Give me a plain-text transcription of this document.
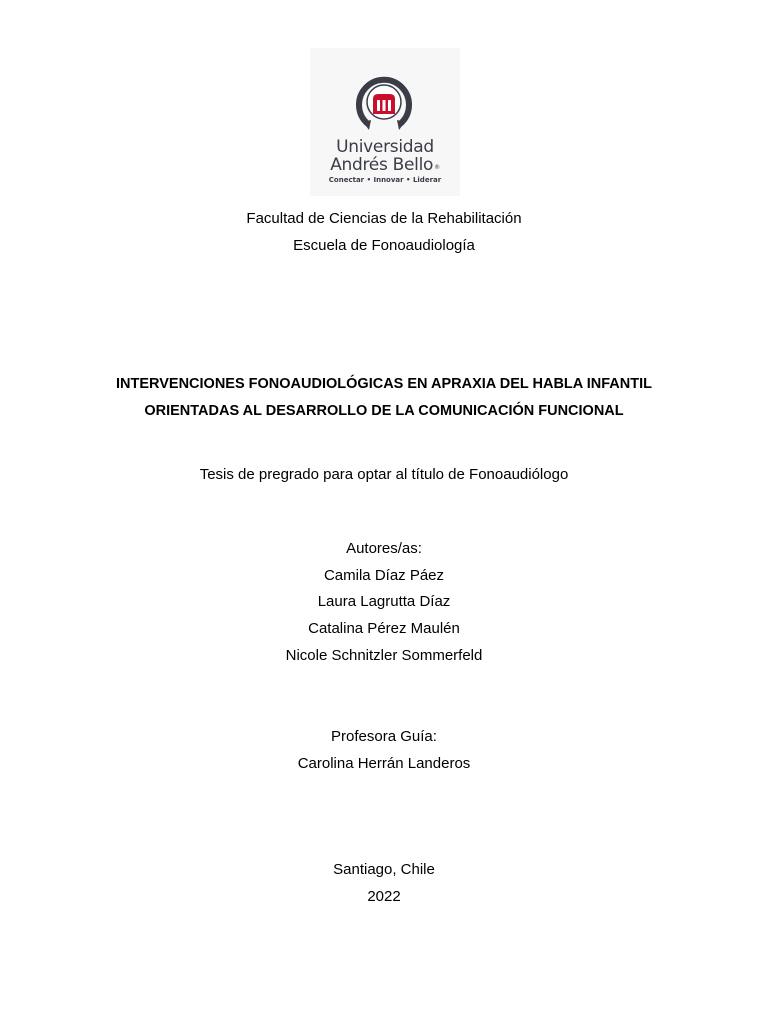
Universidad
Andrés Bello®
Conectar • Innovar • Liderar
Facultad de Ciencias de la Rehabilitación
Escuela de Fonoaudiología
INTERVENCIONES FONOAUDIOLÓGICAS EN APRAXIA DEL HABLA INFANTIL
ORIENTADAS AL DESARROLLO DE LA COMUNICACIÓN FUNCIONAL
Tesis de pregrado para optar al título de Fonoaudiólogo
Autores/as:
Camila Díaz Páez
Laura Lagrutta Díaz
Catalina Pérez Maulén
Nicole Schnitzler Sommerfeld
Profesora Guía:
Carolina Herrán Landeros
Santiago, Chile
2022
